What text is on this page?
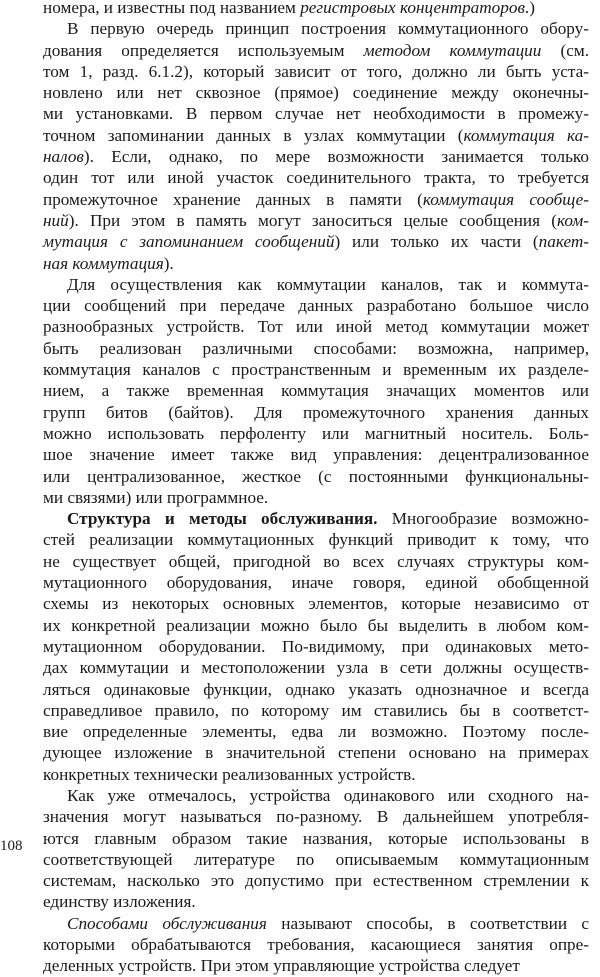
номера, и известны под названием регистровых концентраторов.)
В первую очередь принцип построения коммутационного обору-
дования определяется используемым методом коммутации (см.
том 1, разд. 6.1.2), который зависит от того, должно ли быть уста-
новлено или нет сквозное (прямое) соединение между оконечны-
ми установками. В первом случае нет необходимости в промежу-
точном запоминании данных в узлах коммутации (коммутация ка-
налов). Если, однако, по мере возможности занимается только
один тот или иной участок соединительного тракта, то требуется
промежуточное хранение данных в памяти (коммутация сообще-
ний). При этом в память могут заноситься целые сообщения (ком-
мутация с запоминанием сообщений) или только их части (пакет-
ная коммутация).
Для осуществления как коммутации каналов, так и коммута-
ции сообщений при передаче данных разработано большое число
разнообразных устройств. Тот или иной метод коммутации может
быть реализован различными способами: возможна, например,
коммутация каналов с пространственным и временным их разделе-
нием, а также временная коммутация значащих моментов или
групп битов (байтов). Для промежуточного хранения данных
можно использовать перфоленту или магнитный носитель. Боль-
шое значение имеет также вид управления: децентрализованное
или централизованное, жесткое (с постоянными функциональны-
ми связями) или программное.
Структура и методы обслуживания. Многообразие возможно-
стей реализации коммутационных функций приводит к тому, что
не существует общей, пригодной во всех случаях структуры ком-
мутационного оборудования, иначе говоря, единой обобщенной
схемы из некоторых основных элементов, которые независимо от
их конкретной реализации можно было бы выделить в любом ком-
мутационном оборудовании. По-видимому, при одинаковых мето-
дах коммутации и местоположении узла в сети должны осуществ-
ляться одинаковые функции, однако указать однозначное и всегда
справедливое правило, по которому им ставились бы в соответст-
вие определенные элементы, едва ли возможно. Поэтому после-
дующее изложение в значительной степени основано на примерах
конкретных технически реализованных устройств.
Как уже отмечалось, устройства одинакового или сходного на-
значения могут называться по-разному. В дальнейшем употребля-
ются главным образом такие названия, которые использованы в
соответствующей литературе по описываемым коммутационным
системам, насколько это допустимо при естественном стремлении к
единству изложения.
Способами обслуживания называют способы, в соответствии с
которыми обрабатываются требования, касающиеся занятия опре-
деленных устройств. При этом управляющие устройства следует
108
